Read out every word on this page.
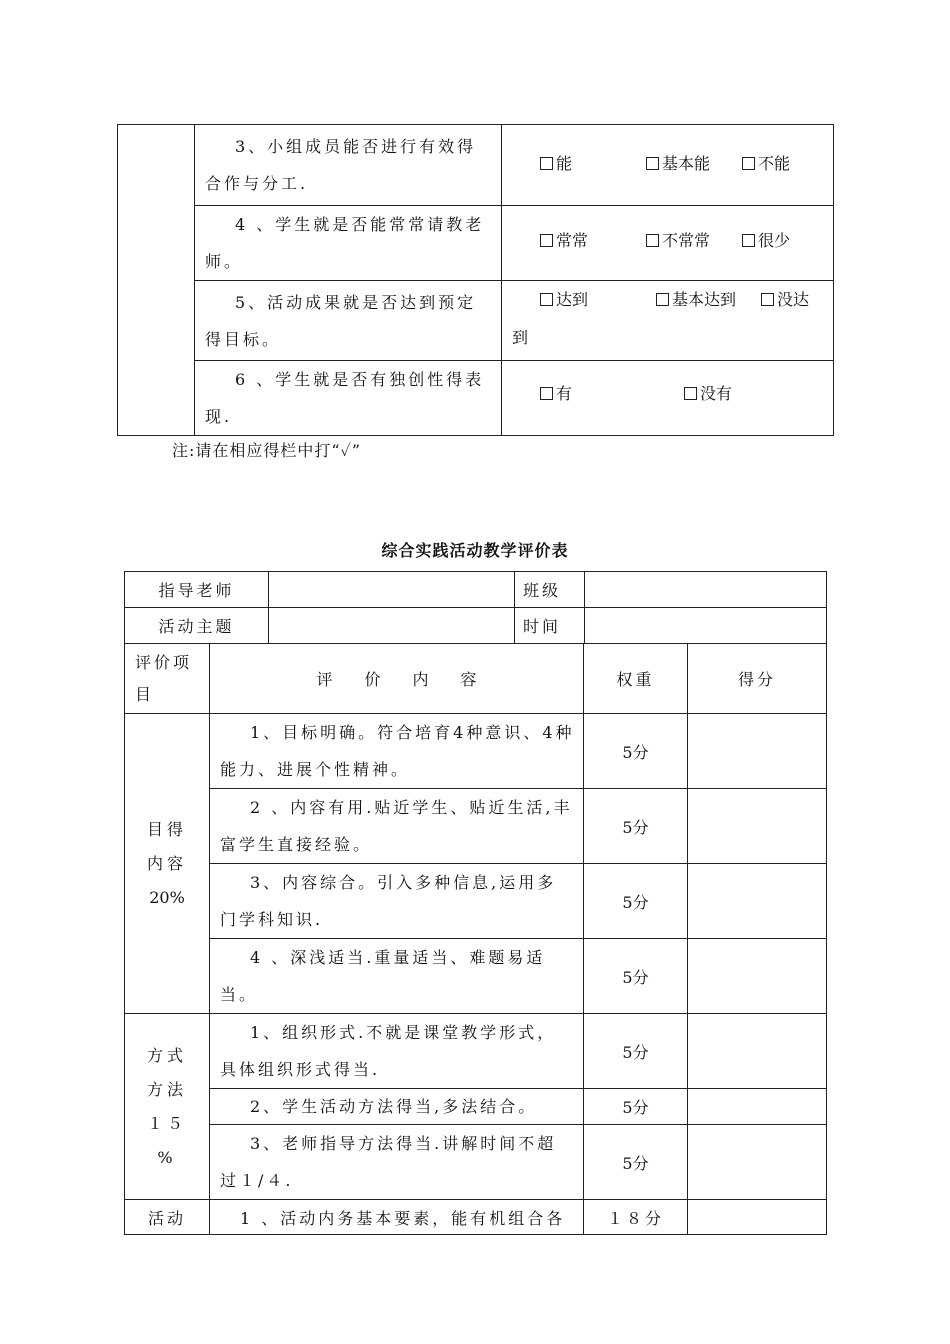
	3、小组成员能否进行有效得合作与分工.	能 基本能 不能

	4 、学生就是否能常常请教老师。	常常 不常常 很少

	5、活动成果就是否达到预定得目标。	达到 基本达到 没达
到

	6 、学生就是否有独创性得表现.	有 没有
注:请在相应得栏中打“✓”
综合实践活动教学评价表
指导老师		班级	
活动主题		时间	
评价项目	评　　价　　内　　容	权重	得分

目得
内容
20%	1、目标明确。符合培育4种意识、4种能力、进展个性精神。	5分	
	2 、内容有用.贴近学生、贴近生活,丰富学生直接经验。	5分	
	3、内容综合。引入多种信息,运用多门学科知识.	5分	
	4 、深浅适当.重量适当、难题易适当。	5分	

方式
方法
１５
%	1、组织形式.不就是课堂教学形式，具体组织形式得当.	5分	
	2、学生活动方法得当,多法结合。	5分	
	3、老师指导方法得当.讲解时间不超过１/４.	5分	
活动	1 、活动内务基本要素，能有机组合各	１８分	
